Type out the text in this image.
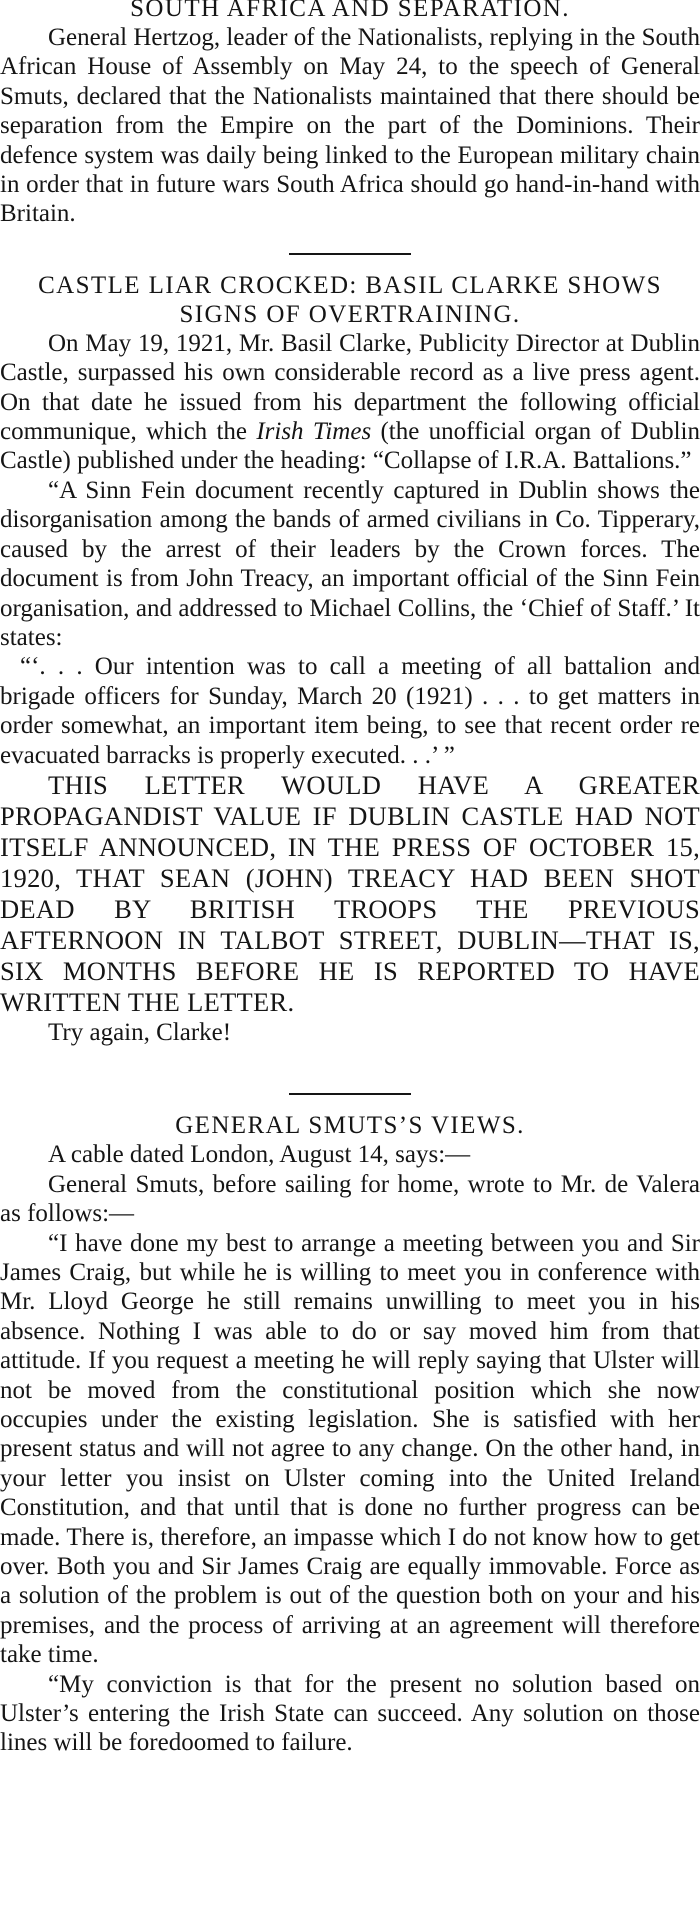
SOUTH AFRICA AND SEPARATION.

General Hertzog, leader of the Nationalists, replying in the South African House of Assembly on May 24, to the speech of General Smuts, declared that the Nationalists maintained that there should be separation from the Empire on the part of the Dominions. Their defence system was daily being linked to the European military chain in order that in future wars South Africa should go hand-in-hand with Britain.

CASTLE LIAR CROCKED: BASIL CLARKE SHOWS SIGNS OF OVERTRAINING.

On May 19, 1921, Mr. Basil Clarke, Publicity Director at Dublin Castle, surpassed his own considerable record as a live press agent. On that date he issued from his department the following official communique, which the Irish Times (the unofficial organ of Dublin Castle) published under the heading: “Collapse of I.R.A. Battalions.”

“A Sinn Fein document recently captured in Dublin shows the disorganisation among the bands of armed civilians in Co. Tipperary, caused by the arrest of their leaders by the Crown forces. The document is from John Treacy, an important official of the Sinn Fein organisation, and addressed to Michael Collins, the ‘Chief of Staff.’ It states:

“‘. . . Our intention was to call a meeting of all battalion and brigade officers for Sunday, March 20 (1921) . . . to get matters in order somewhat, an important item being, to see that recent order re evacuated barracks is properly executed. . .’ ”

THIS LETTER WOULD HAVE A GREATER PROPAGANDIST VALUE IF DUBLIN CASTLE HAD NOT ITSELF ANNOUNCED, IN THE PRESS OF OCTOBER 15, 1920, THAT SEAN (JOHN) TREACY HAD BEEN SHOT DEAD BY BRITISH TROOPS THE PREVIOUS AFTERNOON IN TALBOT STREET, DUBLIN—THAT IS, SIX MONTHS BEFORE HE IS REPORTED TO HAVE WRITTEN THE LETTER.

Try again, Clarke!

GENERAL SMUTS’S VIEWS.

A cable dated London, August 14, says:—

General Smuts, before sailing for home, wrote to Mr. de Valera as follows:—

“I have done my best to arrange a meeting between you and Sir James Craig, but while he is willing to meet you in conference with Mr. Lloyd George he still remains unwilling to meet you in his absence. Nothing I was able to do or say moved him from that attitude. If you request a meeting he will reply saying that Ulster will not be moved from the constitutional position which she now occupies under the existing legislation. She is satisfied with her present status and will not agree to any change. On the other hand, in your letter you insist on Ulster coming into the United Ireland Constitution, and that until that is done no further progress can be made. There is, therefore, an impasse which I do not know how to get over. Both you and Sir James Craig are equally immovable. Force as a solution of the problem is out of the question both on your and his premises, and the process of arriving at an agreement will therefore take time.

“My conviction is that for the present no solution based on Ulster’s entering the Irish State can succeed. Any solution on those lines will be foredoomed to failure.
